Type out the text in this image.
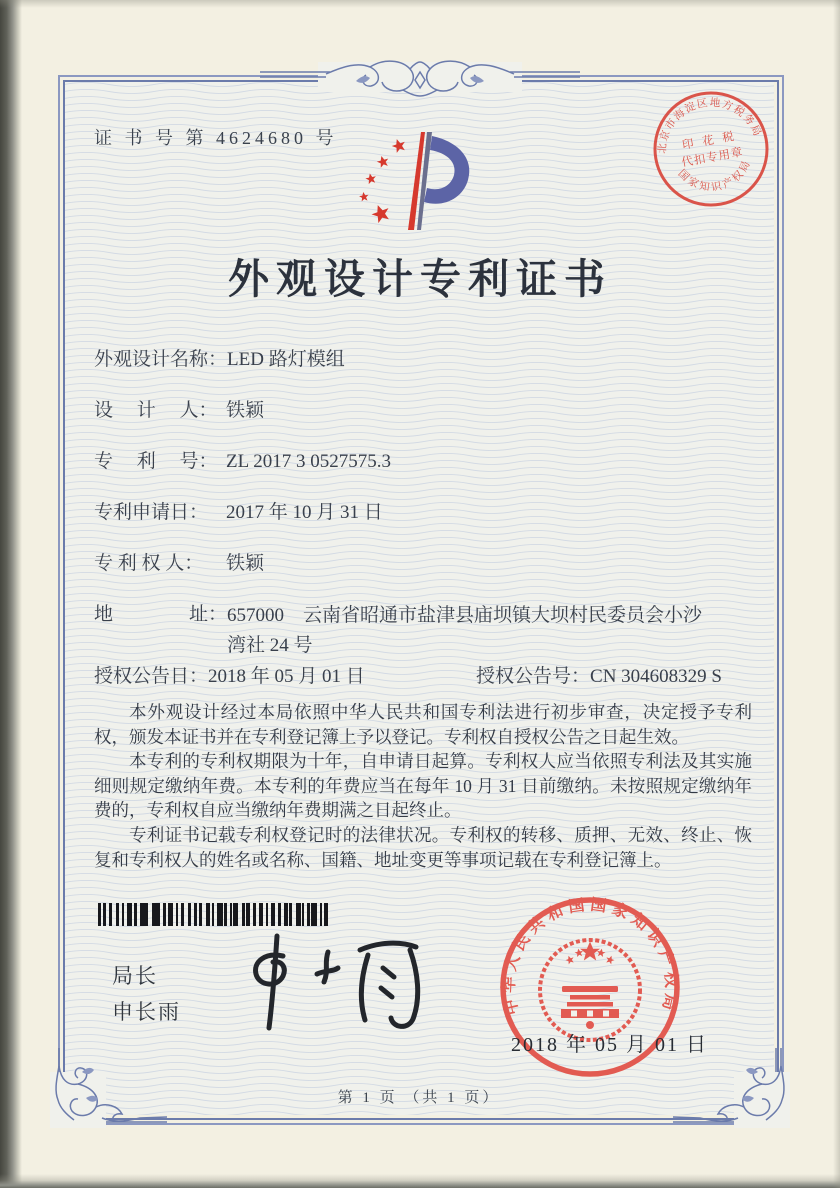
证 书 号 第 4624680 号
外观设计专利证书
北京市海淀区地方税务局
国家知识产权局
印 花 税
代扣专用章
外观设计名称： LED 路灯模组
设　 计　 人： 铁颖
专　 利　 号： ZL 2017 3 0527575.3
专利申请日： 2017 年 10 月 31 日
专 利 权 人：	铁颖
地　　　　址： 657000　云南省昭通市盐津县庙坝镇大坝村民委员会小沙湾社 24 号
授权公告日：2018 年 05 月 01 日	授权公告号：CN 304608329 S

本外观设计经过本局依照中华人民共和国专利法进行初步审查，决定授予专利权，颁发本证书并在专利登记簿上予以登记。专利权自授权公告之日起生效。

本专利的专利权期限为十年，自申请日起算。专利权人应当依照专利法及其实施细则规定缴纳年费。本专利的年费应当在每年 10 月 31 日前缴纳。未按照规定缴纳年费的，专利权自应当缴纳年费期满之日起终止。

专利证书记载专利权登记时的法律状况。专利权的转移、质押、无效、终止、恢复和专利权人的姓名或名称、国籍、地址变更等事项记载在专利登记簿上。

局长
申长雨	中华人民共和国国家知识产权局
2018 年 05 月 01 日
第 1 页 （共 1 页）
